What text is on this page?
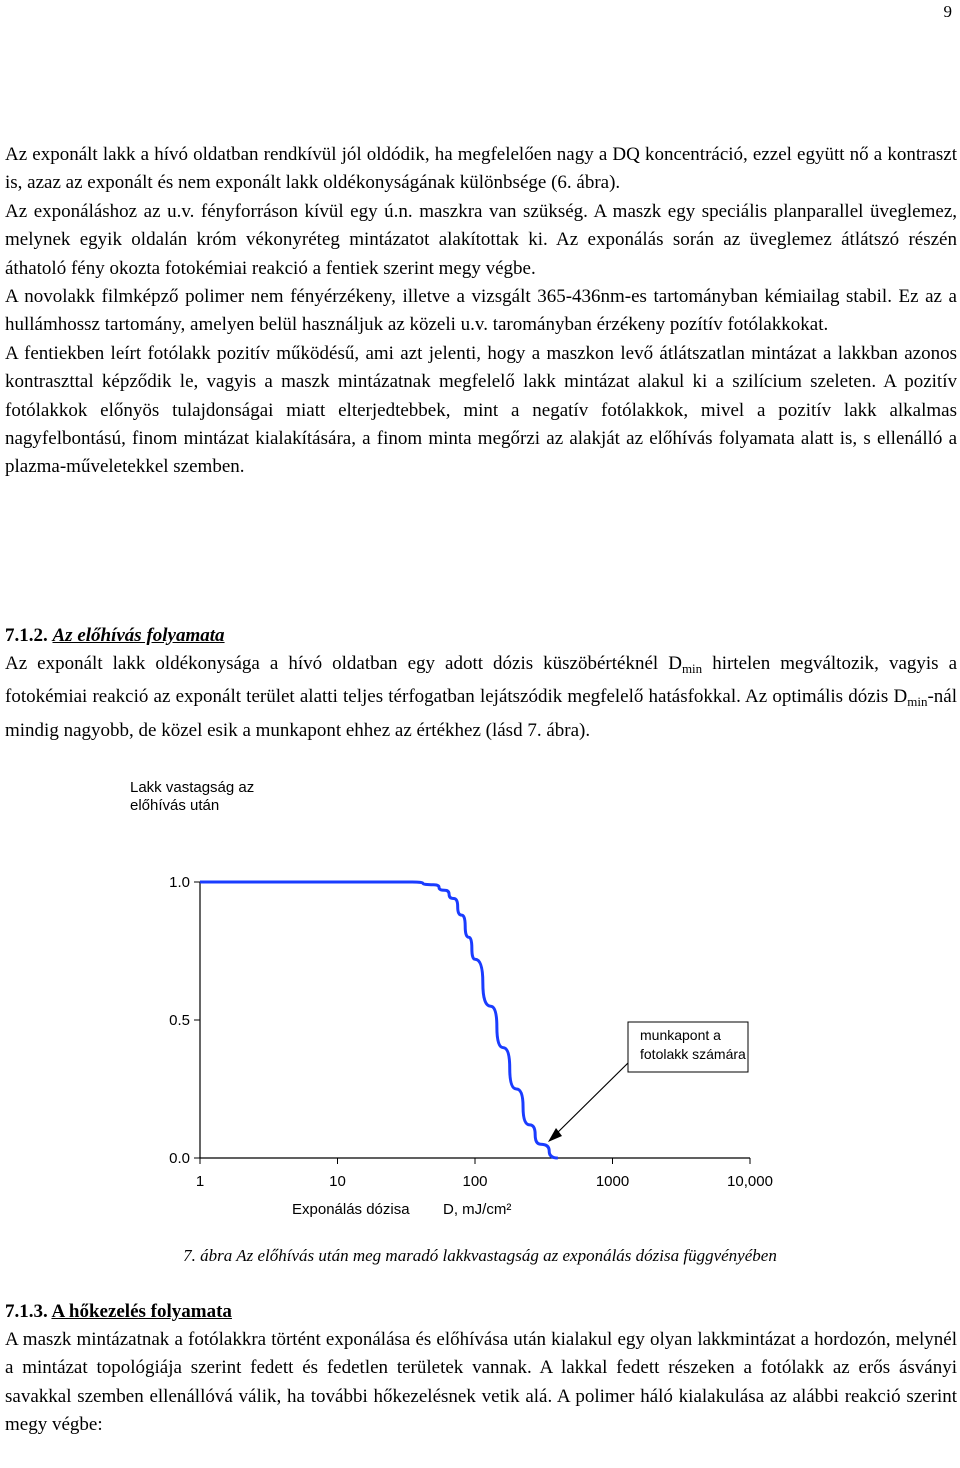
9
Az exponált lakk a hívó oldatban rendkívül jól oldódik, ha megfelelően nagy a DQ koncentráció, ezzel együtt nő a kontraszt is, azaz az exponált és nem exponált lakk oldékonyságának különbsége (6. ábra).
Az exponáláshoz az u.v. fényforráson kívül egy ú.n. maszkra van szükség. A maszk egy speciális planparallel üveglemez, melynek egyik oldalán króm vékonyréteg mintázatot alakítottak ki. Az exponálás során az üveglemez átlátszó részén áthatoló fény okozta fotokémiai reakció a fentiek szerint megy végbe.
A novolakk filmképző polimer nem fényérzékeny, illetve a vizsgált 365-436nm-es tartományban kémiailag stabil. Ez az a hullámhossz tartomány, amelyen belül használjuk az közeli u.v. tarományban érzékeny pozítív fotólakkokat.
A fentiekben leírt fotólakk pozitív működésű, ami azt jelenti, hogy a maszkon levő átlátszatlan mintázat a lakkban azonos kontraszttal képződik le, vagyis a maszk mintázatnak megfelelő lakk mintázat alakul ki a szilícium szeleten. A pozitív fotólakkok előnyös tulajdonságai miatt elterjedtebbek, mint a negatív fotólakkok, mivel a pozitív lakk alkalmas nagyfelbontású, finom mintázat kialakítására, a finom minta megőrzi az alakját az előhívás folyamata alatt is, s ellenálló a plazma-műveletekkel szemben.
7.1.2. Az előhívás folyamata

Az exponált lakk oldékonysága a hívó oldatban egy adott dózis küszöbértéknél $D_{min}$ hirtelen megváltozik, vagyis a fotokémiai reakció az exponált terület alatti teljes térfogatban lejátszódik megfelelő hatásfokkal. Az optimális dózis $D_{min}$-nál mindig nagyobb, de közel esik a munkapont ehhez az értékhez (lásd 7. ábra).

Lakk vastagság az
előhívás után
1.0
0.5
0.0
1	10	100	1000	10,000
Exponálás dózisa D, mJ/cm²
munkapont a
fotolakk számára
7. ábra Az előhívás után meg maradó lakkvastagság az exponálás dózisa függvényében
7.1.3. A hőkezelés folyamata

A maszk mintázatnak a fotólakkra történt exponálása és előhívása után kialakul egy olyan lakkmintázat a hordozón, melynél a mintázat topológiája szerint fedett és fedetlen területek vannak. A lakkal fedett részeken a fotólakk az erős ásványi savakkal szemben ellenállóvá válik, ha további hőkezelésnek vetik alá. A polimer háló kialakulása az alábbi reakció szerint megy végbe:
